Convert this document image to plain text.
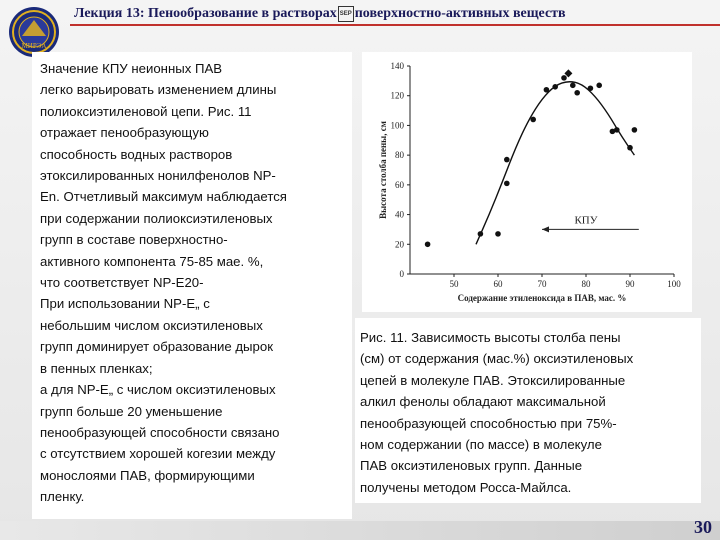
МИРЭА
Лекция 13: Пенообразование в растворах SEP поверхностно-активных веществ
Значение КПУ неионных ПАВ
легко варьировать изменением длины
полиоксиэтиленовой цепи. Рис. 11
отражает пенообразующую
способность водных растворов
этоксилированных нонилфенолов NP-
En. Отчетливый максимум наблюдается
при содержании полиоксиэтиленовых
групп в составе поверхностно-
активного компонента 75-85 мае. %,
что соответствует NP-E20-
При использовании NP-E„ с
небольшим числом оксиэтиленовых
групп доминирует образование дырок
в пенных пленках;
а для NP-E„ с числом оксиэтиленовых
групп больше 20 уменьшение
пенообразующей способности связано
с отсутствием хорошей когезии между
монослоями ПАВ, формирующими
пленку.
0
20
40
60
80
100
120
140
50	60	70	80	90	100
Содержание этиленоксида в ПАВ, мас. %
Высота столба пены, см
КПУ
Рис. 11. Зависимость высоты столба пены
(см) от содержания (мас.%) оксиэтиленовых
цепей в молекуле ПАВ. Этоксилированные
алкил фенолы обладают максимальной
пенообразующей способностью при 75%-
ном содержании (по массе) в молекуле
ПАВ оксиэтиленовых групп. Данные
получены методом Росса-Майлса.
30
